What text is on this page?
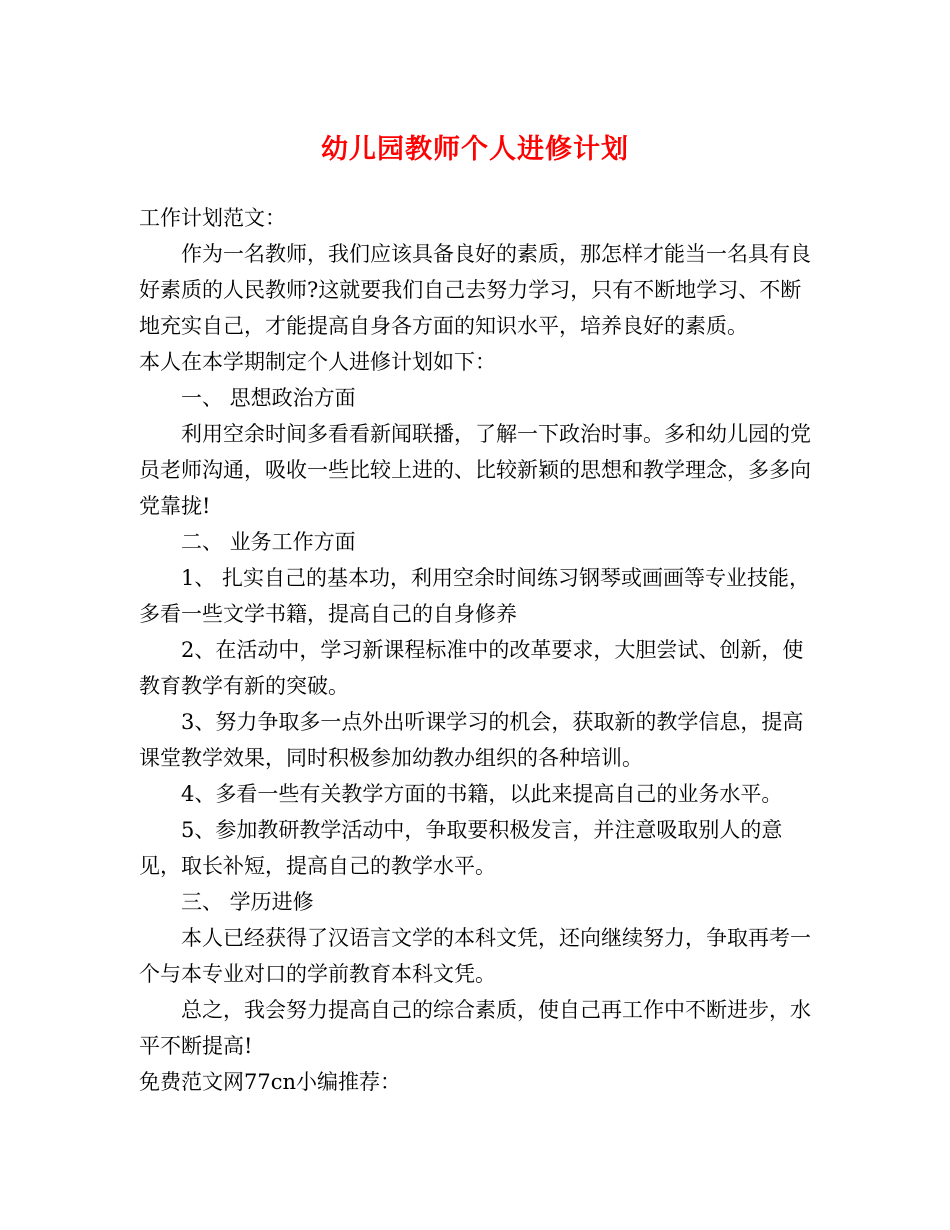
幼儿园教师个人进修计划

工作计划范文：

作为一名教师，我们应该具备良好的素质，那怎样才能当一名具有良好素质的人民教师?这就要我们自己去努力学习，只有不断地学习、不断地充实自己，才能提高自身各方面的知识水平，培养良好的素质。

本人在本学期制定个人进修计划如下：

一、 思想政治方面

利用空余时间多看看新闻联播，了解一下政治时事。多和幼儿园的党员老师沟通，吸收一些比较上进的、比较新颖的思想和教学理念，多多向党靠拢!

二、 业务工作方面

1、 扎实自己的基本功，利用空余时间练习钢琴或画画等专业技能，多看一些文学书籍，提高自己的自身修养

2、在活动中，学习新课程标准中的改革要求，大胆尝试、创新，使教育教学有新的突破。

3、努力争取多一点外出听课学习的机会，获取新的教学信息，提高课堂教学效果，同时积极参加幼教办组织的各种培训。

4、多看一些有关教学方面的书籍，以此来提高自己的业务水平。

5、参加教研教学活动中，争取要积极发言，并注意吸取别人的意见，取长补短，提高自己的教学水平。

三、 学历进修

本人已经获得了汉语言文学的本科文凭，还向继续努力，争取再考一个与本专业对口的学前教育本科文凭。

总之，我会努力提高自己的综合素质，使自己再工作中不断进步，水平不断提高!

免费范文网77cn小编推荐：
